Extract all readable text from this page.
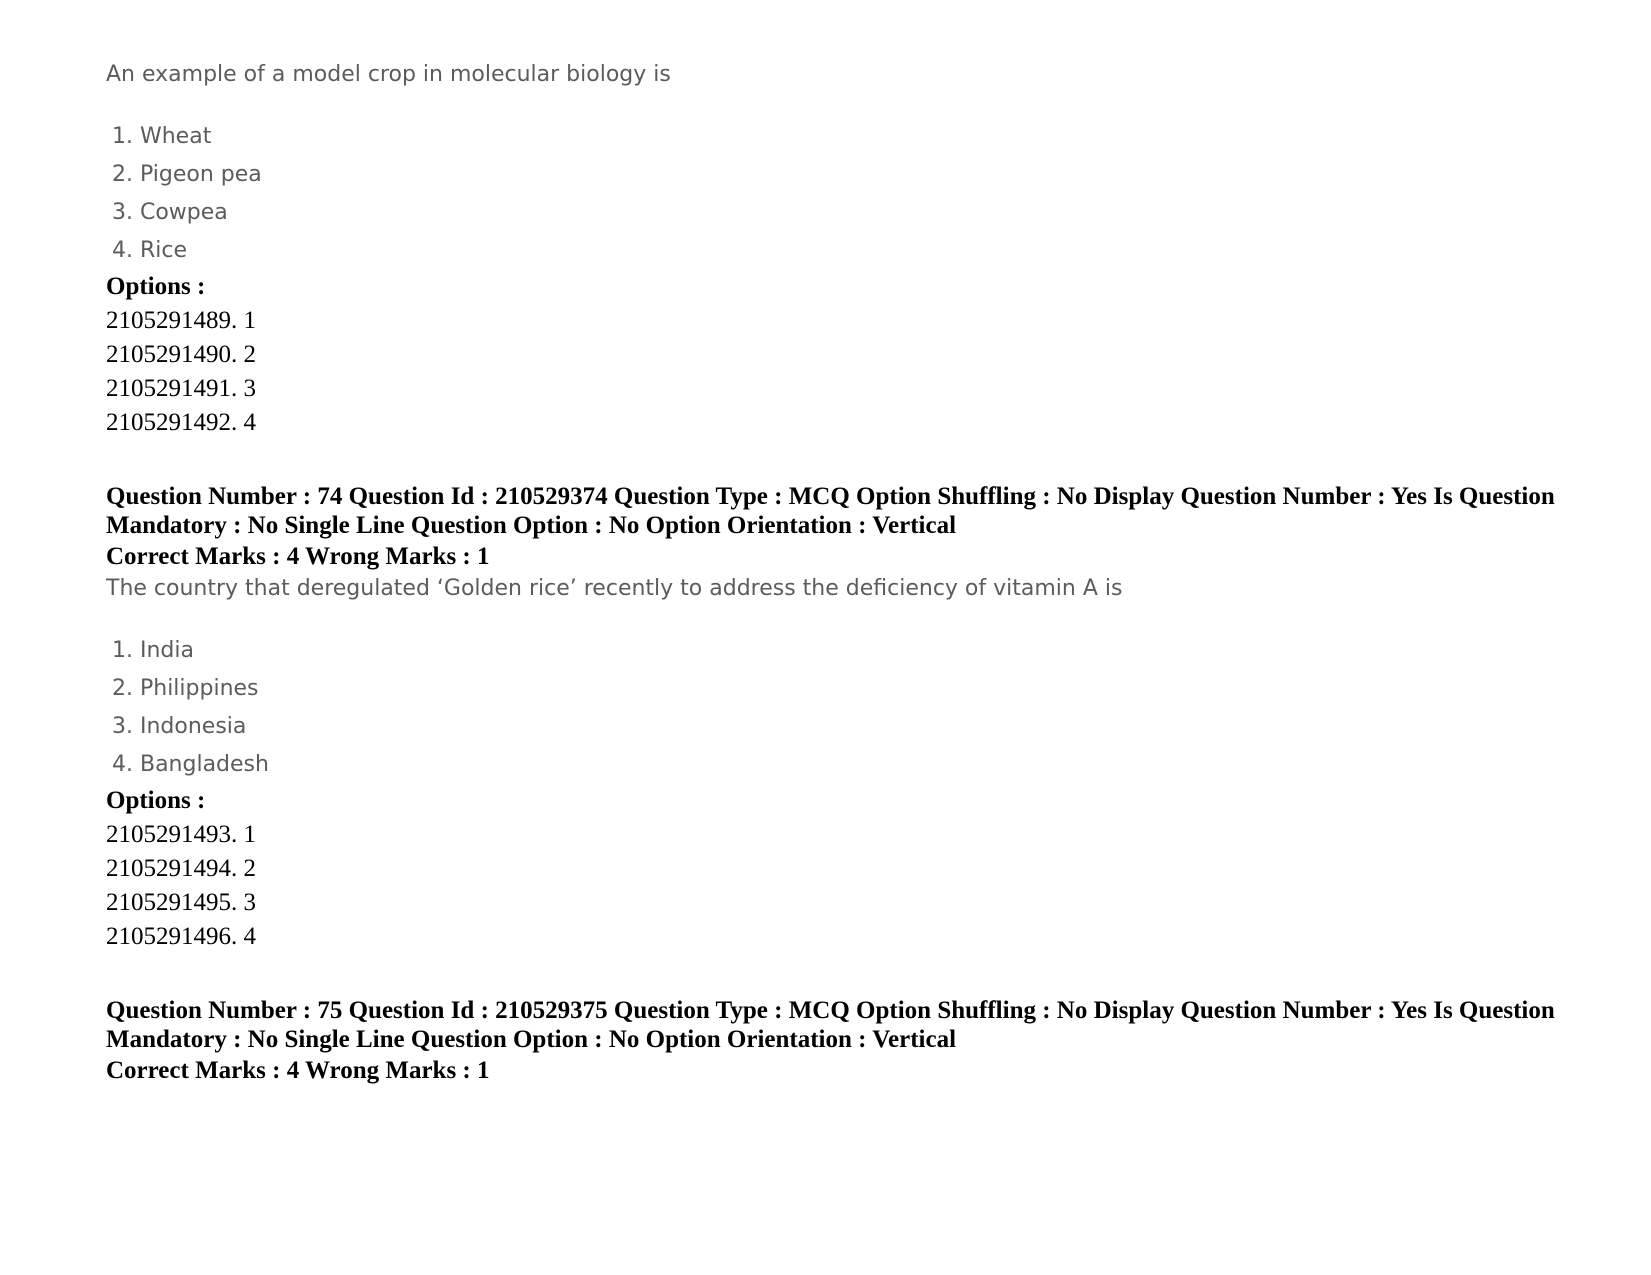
An example of a model crop in molecular biology is

1. Wheat
2. Pigeon pea
3. Cowpea
4. Rice

Options :

2105291489. 1
2105291490. 2
2105291491. 3
2105291492. 4

Question Number : 74 Question Id : 210529374 Question Type : MCQ Option Shuffling : No Display Question Number : Yes Is Question Mandatory : No Single Line Question Option : No Option Orientation : Vertical

Correct Marks : 4 Wrong Marks : 1

The country that deregulated ‘Golden rice’ recently to address the deficiency of vitamin A is

1. India
2. Philippines
3. Indonesia
4. Bangladesh

Options :

2105291493. 1
2105291494. 2
2105291495. 3
2105291496. 4

Question Number : 75 Question Id : 210529375 Question Type : MCQ Option Shuffling : No Display Question Number : Yes Is Question Mandatory : No Single Line Question Option : No Option Orientation : Vertical

Correct Marks : 4 Wrong Marks : 1
